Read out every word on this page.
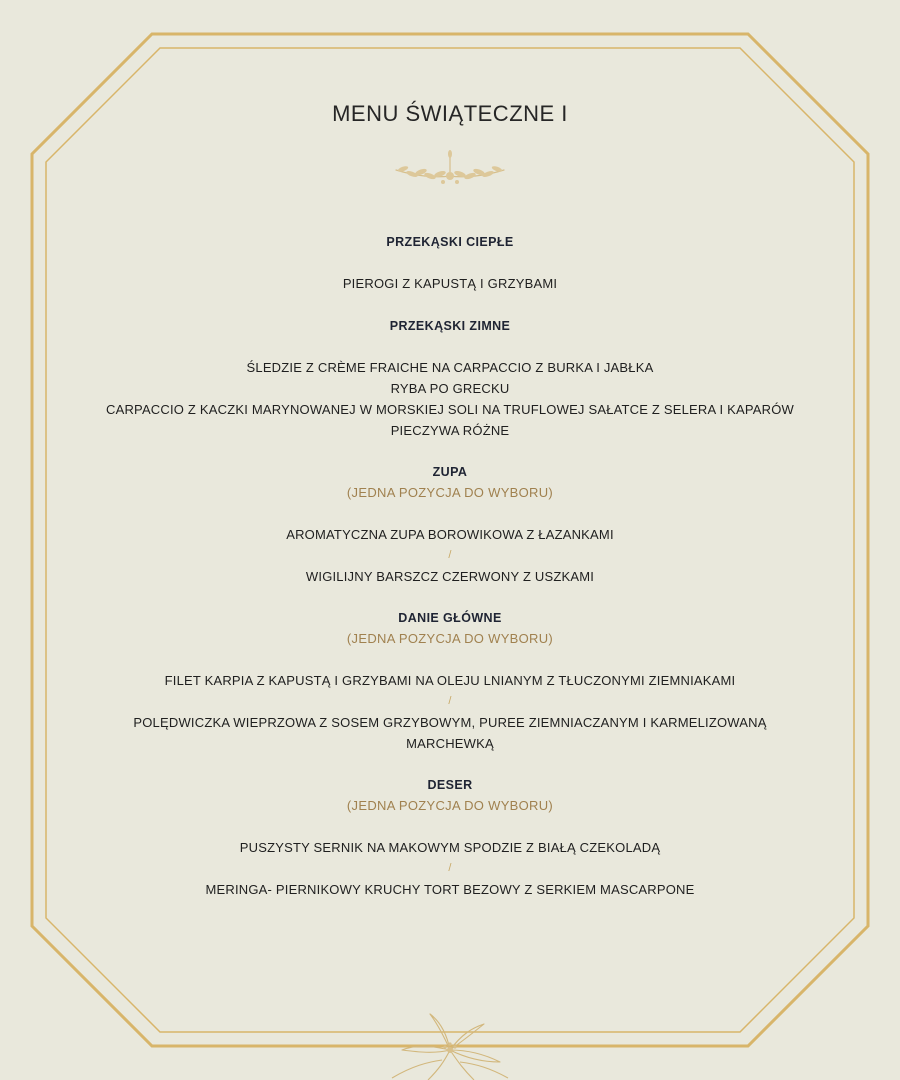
MENU ŚWIĄTECZNE I
PRZEKĄSKI CIEPŁE
PIEROGI Z KAPUSTĄ I GRZYBAMI
PRZEKĄSKI ZIMNE
ŚLEDZIE Z CRÈME FRAICHE NA CARPACCIO Z BURKA I JABŁKA
RYBA PO GRECKU
CARPACCIO Z KACZKI MARYNOWANEJ W MORSKIEJ SOLI NA TRUFLOWEJ SAŁATCE Z SELERA I KAPARÓW
PIECZYWA RÓŻNE
ZUPA

(JEDNA POZYCJA DO WYBORU)

AROMATYCZNA ZUPA BOROWIKOWA Z ŁAZANKAMI
/
WIGILIJNY BARSZCZ CZERWONY Z USZKAMI
DANIE GŁÓWNE

(JEDNA POZYCJA DO WYBORU)

FILET KARPIA Z KAPUSTĄ I GRZYBAMI NA OLEJU LNIANYM Z TŁUCZONYMI ZIEMNIAKAMI
/
POLĘDWICZKA WIEPRZOWA Z SOSEM GRZYBOWYM, PUREE ZIEMNIACZANYM I KARMELIZOWANĄ
MARCHEWKĄ
DESER

(JEDNA POZYCJA DO WYBORU)

PUSZYSTY SERNIK NA MAKOWYM SPODZIE Z BIAŁĄ CZEKOLADĄ
/
MERINGA- PIERNIKOWY KRUCHY TORT BEZOWY Z SERKIEM MASCARPONE
